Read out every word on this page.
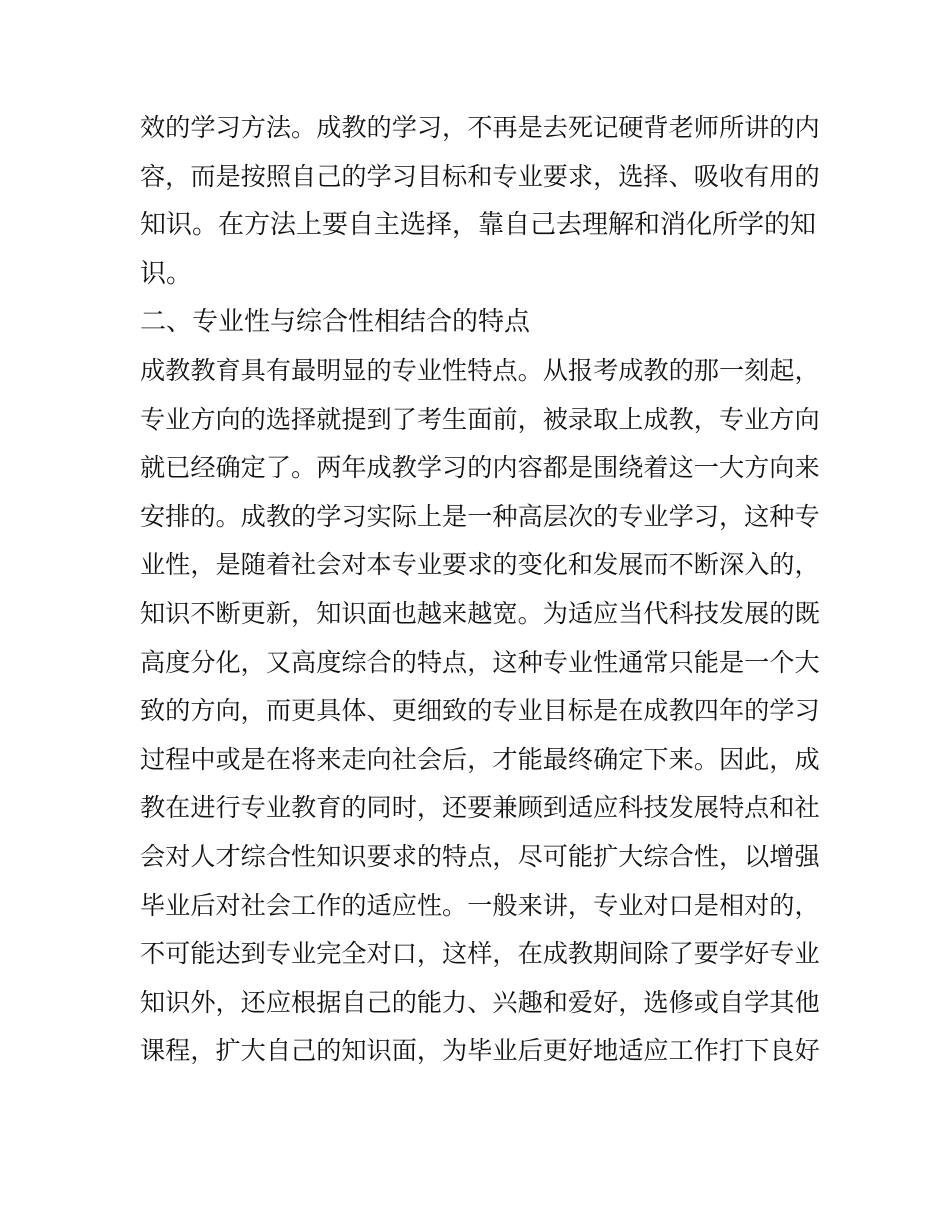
效的学习方法。成教的学习，不再是去死记硬背老师所讲的内
容，而是按照自己的学习目标和专业要求，选择、吸收有用的
知识。在方法上要自主选择，靠自己去理解和消化所学的知
识。
二、专业性与综合性相结合的特点
成教教育具有最明显的专业性特点。从报考成教的那一刻起，
专业方向的选择就提到了考生面前，被录取上成教，专业方向
就已经确定了。两年成教学习的内容都是围绕着这一大方向来
安排的。成教的学习实际上是一种高层次的专业学习，这种专
业性，是随着社会对本专业要求的变化和发展而不断深入的，
知识不断更新，知识面也越来越宽。为适应当代科技发展的既
高度分化，又高度综合的特点，这种专业性通常只能是一个大
致的方向，而更具体、更细致的专业目标是在成教四年的学习
过程中或是在将来走向社会后，才能最终确定下来。因此，成
教在进行专业教育的同时，还要兼顾到适应科技发展特点和社
会对人才综合性知识要求的特点，尽可能扩大综合性，以增强
毕业后对社会工作的适应性。一般来讲，专业对口是相对的，
不可能达到专业完全对口，这样，在成教期间除了要学好专业
知识外，还应根据自己的能力、兴趣和爱好，选修或自学其他
课程，扩大自己的知识面，为毕业后更好地适应工作打下良好
